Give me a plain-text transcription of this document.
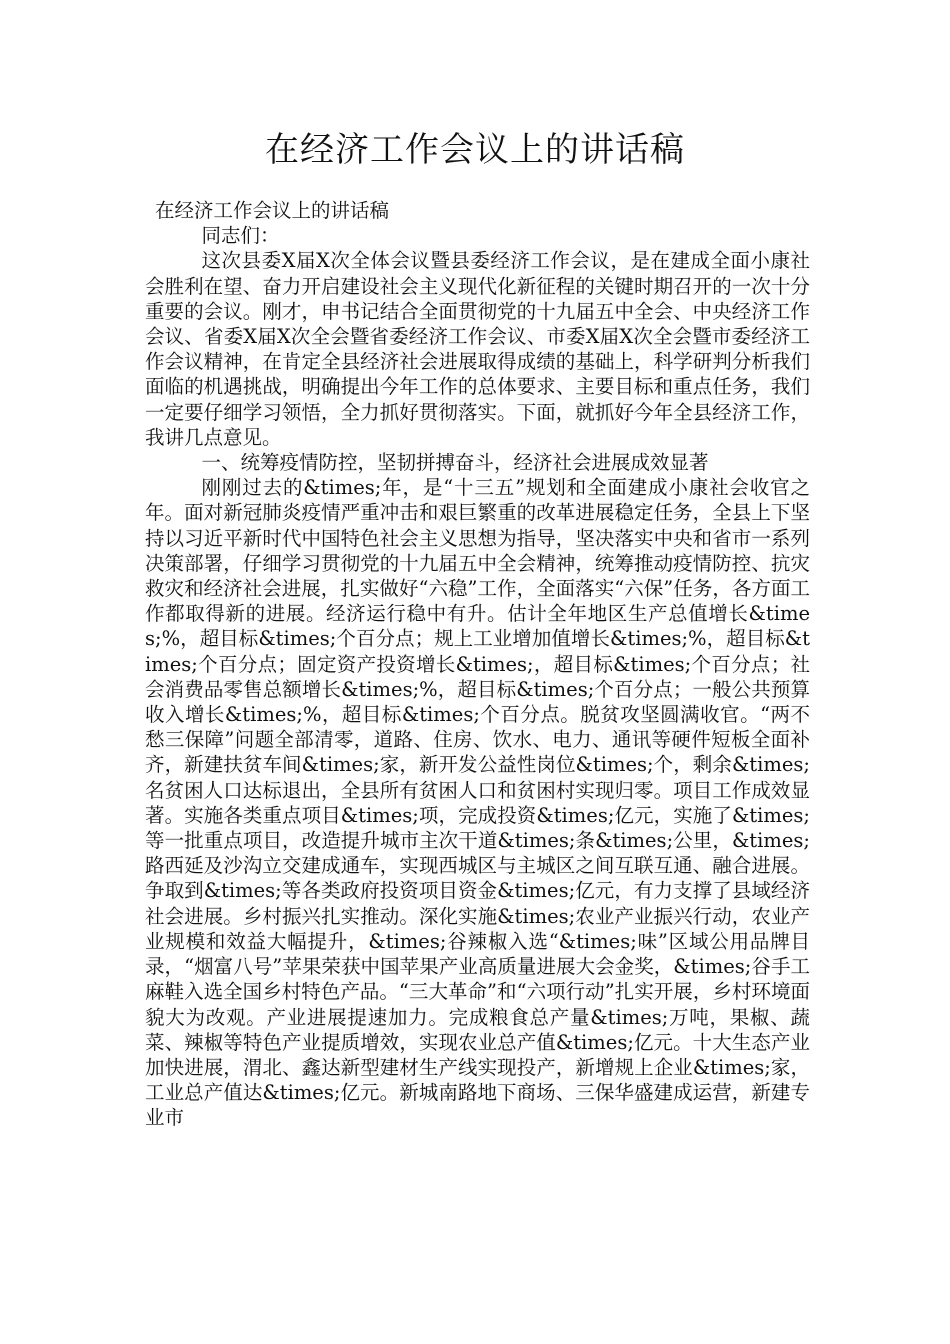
在经济工作会议上的讲话稿

在经济工作会议上的讲话稿

同志们：

这次县委X届X次全体会议暨县委经济工作会议，是在建成全面小康社会胜利在望、奋力开启建设社会主义现代化新征程的关键时期召开的一次十分重要的会议。刚才，申书记结合全面贯彻党的十九届五中全会、中央经济工作会议、省委X届X次全会暨省委经济工作会议、市委X届X次全会暨市委经济工作会议精神，在肯定全县经济社会进展取得成绩的基础上，科学研判分析我们面临的机遇挑战，明确提出今年工作的总体要求、主要目标和重点任务，我们一定要仔细学习领悟，全力抓好贯彻落实。下面，就抓好今年全县经济工作，我讲几点意见。

一、统筹疫情防控，坚韧拼搏奋斗，经济社会进展成效显著

刚刚过去的&times;年，是“十三五”规划和全面建成小康社会收官之年。面对新冠肺炎疫情严重冲击和艰巨繁重的改革进展稳定任务，全县上下坚持以习近平新时代中国特色社会主义思想为指导，坚决落实中央和省市一系列决策部署，仔细学习贯彻党的十九届五中全会精神，统筹推动疫情防控、抗灾救灾和经济社会进展，扎实做好“六稳”工作，全面落实“六保”任务，各方面工作都取得新的进展。经济运行稳中有升。估计全年地区生产总值增长&times;%，超目标&times;个百分点；规上工业增加值增长&times;%，超目标&times;个百分点；固定资产投资增长&times;，超目标&times;个百分点；社会消费品零售总额增长&times;%，超目标&times;个百分点；一般公共预算收入增长&times;%，超目标&times;个百分点。脱贫攻坚圆满收官。“两不愁三保障”问题全部清零，道路、住房、饮水、电力、通讯等硬件短板全面补齐，新建扶贫车间&times;家，新开发公益性岗位&times;个，剩余&times;名贫困人口达标退出，全县所有贫困人口和贫困村实现归零。项目工作成效显著。实施各类重点项目&times;项，完成投资&times;亿元，实施了&times;等一批重点项目，改造提升城市主次干道&times;条&times;公里，&times;路西延及沙沟立交建成通车，实现西城区与主城区之间互联互通、融合进展。争取到&times;等各类政府投资项目资金&times;亿元，有力支撑了县域经济社会进展。乡村振兴扎实推动。深化实施&times;农业产业振兴行动，农业产业规模和效益大幅提升，&times;谷辣椒入选“&times;味”区域公用品牌目录，“烟富八号”苹果荣获中国苹果产业高质量进展大会金奖，&times;谷手工麻鞋入选全国乡村特色产品。“三大革命”和“六项行动”扎实开展，乡村环境面貌大为改观。产业进展提速加力。完成粮食总产量&times;万吨，果椒、蔬菜、辣椒等特色产业提质增效，实现农业总产值&times;亿元。十大生态产业加快进展，渭北、鑫达新型建材生产线实现投产，新增规上企业&times;家，工业总产值达&times;亿元。新城南路地下商场、三保华盛建成运营，新建专业市
